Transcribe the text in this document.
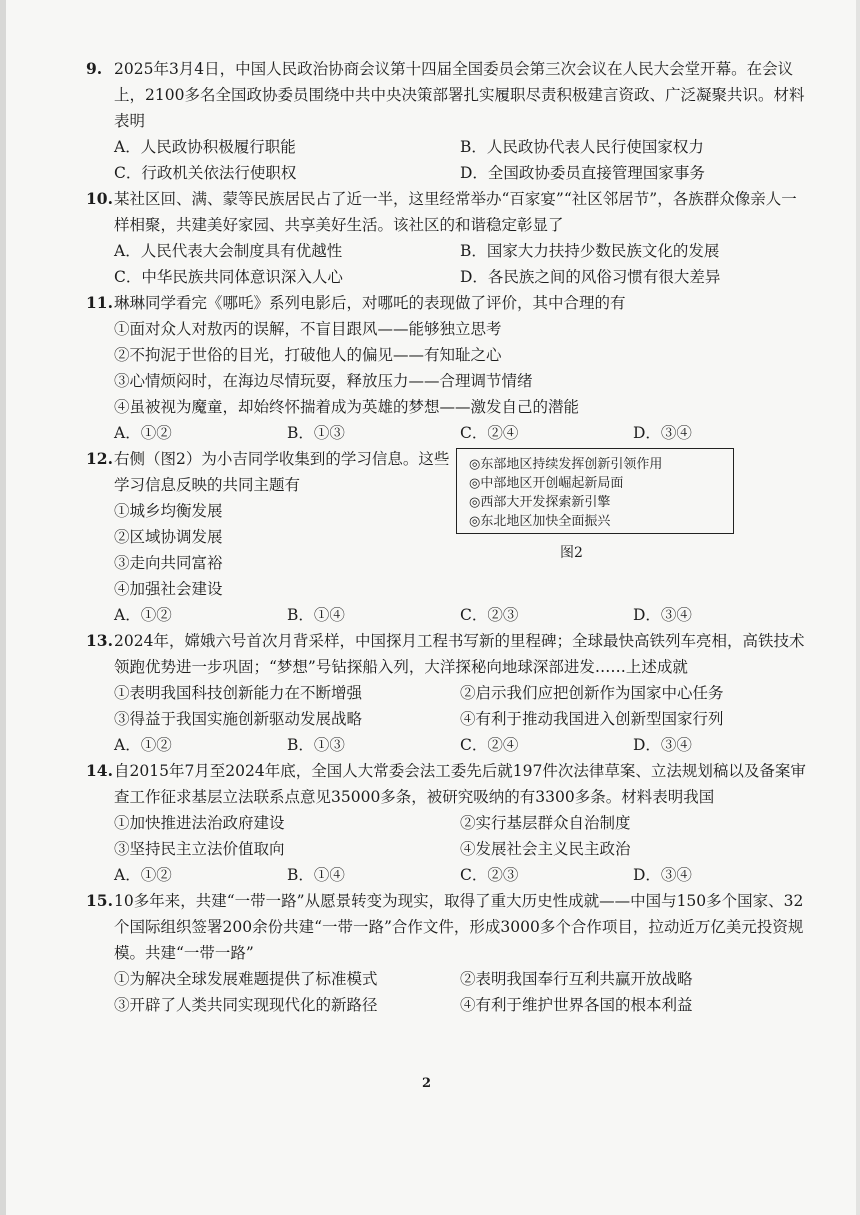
9. 2025年3月4日，中国人民政治协商会议第十四届全国委员会第三次会议在人民大会堂开幕。在会议上，2100多名全国政协委员围绕中共中央决策部署扎实履职尽责积极建言资政、广泛凝聚共识。材料表明
A．人民政协积极履行职能	B．人民政协代表人民行使国家权力
C．行政机关依法行使职权	D．全国政协委员直接管理国家事务
10. 某社区回、满、蒙等民族居民占了近一半，这里经常举办“百家宴”“社区邻居节”，各族群众像亲人一样相聚，共建美好家园、共享美好生活。该社区的和谐稳定彰显了
A．人民代表大会制度具有优越性	B．国家大力扶持少数民族文化的发展
C．中华民族共同体意识深入人心	D．各民族之间的风俗习惯有很大差异
11. 琳琳同学看完《哪吒》系列电影后，对哪吒的表现做了评价，其中合理的有
①面对众人对敖丙的误解，不盲目跟风——能够独立思考
②不拘泥于世俗的目光，打破他人的偏见——有知耻之心
③心情烦闷时，在海边尽情玩耍，释放压力——合理调节情绪
④虽被视为魔童，却始终怀揣着成为英雄的梦想——激发自己的潜能
A．①②	B．①③	C．②④	D．③④
12. 右侧（图2）为小吉同学收集到的学习信息。这些学习信息反映的共同主题有
①城乡均衡发展
②区域协调发展
③走向共同富裕
④加强社会建设
◎东部地区持续发挥创新引领作用
◎中部地区开创崛起新局面
◎西部大开发探索新引擎
◎东北地区加快全面振兴
图2
A．①②	B．①④	C．②③	D．③④
13. 2024年，嫦娥六号首次月背采样，中国探月工程书写新的里程碑；全球最快高铁列车亮相，高铁技术领跑优势进一步巩固；“梦想”号钻探船入列，大洋探秘向地球深部进发……上述成就
①表明我国科技创新能力在不断增强	②启示我们应把创新作为国家中心任务
③得益于我国实施创新驱动发展战略	④有利于推动我国进入创新型国家行列
A．①②	B．①③	C．②④	D．③④
14. 自2015年7月至2024年底，全国人大常委会法工委先后就197件次法律草案、立法规划稿以及备案审查工作征求基层立法联系点意见35000多条，被研究吸纳的有3300多条。材料表明我国
①加快推进法治政府建设	②实行基层群众自治制度
③坚持民主立法价值取向	④发展社会主义民主政治
A．①②	B．①④	C．②③	D．③④
15. 10多年来，共建“一带一路”从愿景转变为现实，取得了重大历史性成就——中国与150多个国家、32个国际组织签署200余份共建“一带一路”合作文件，形成3000多个合作项目，拉动近万亿美元投资规模。共建“一带一路”
①为解决全球发展难题提供了标准模式	②表明我国奉行互利共赢开放战略
③开辟了人类共同实现现代化的新路径	④有利于维护世界各国的根本利益
2
